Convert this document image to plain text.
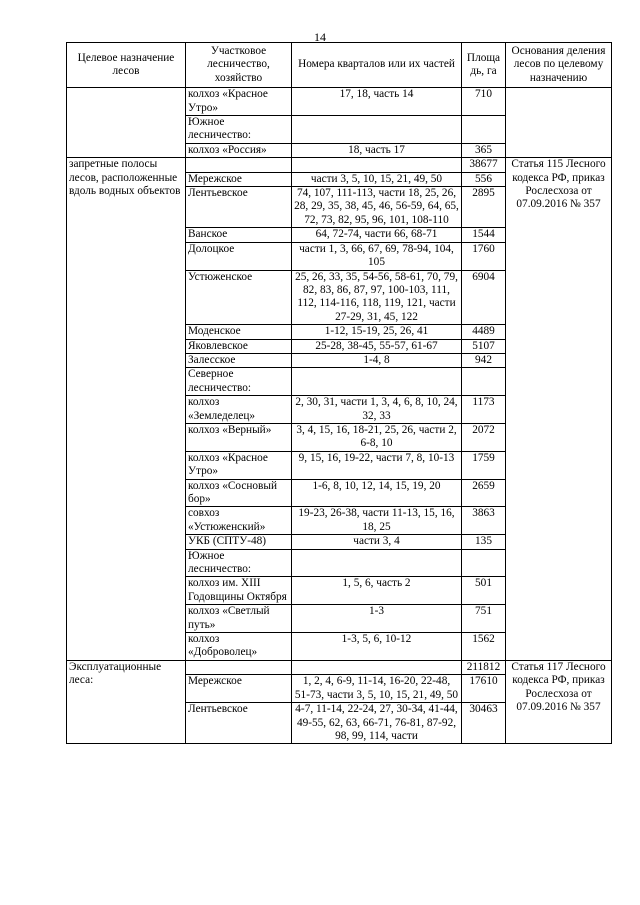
14
Целевое назначение лесов	Участковое лесничество, хозяйство	Номера кварталов или их частей	Площа дь, га	Основания деления лесов по целевому назначению
	колхоз «Красное Утро»	17, 18, часть 14	710	
	Южное лесничество:			
	колхоз «Россия»	18, часть 17	365	
запретные полосы лесов, расположенные вдоль водных объектов			38677	Статья 115 Лесного кодекса РФ, приказ Рослесхоза от 07.09.2016 № 357
	Мережское	части 3, 5, 10, 15, 21, 49, 50	556	
	Лентьевское	74, 107, 111-113, части 18, 25, 26, 28, 29, 35, 38, 45, 46, 56-59, 64, 65, 72, 73, 82, 95, 96, 101, 108-110	2895	
	Ванское	64, 72-74, части 66, 68-71	1544	
	Долоцкое	части 1, 3, 66, 67, 69, 78-94, 104, 105	1760	
	Устюженское	25, 26, 33, 35, 54-56, 58-61, 70, 79, 82, 83, 86, 87, 97, 100-103, 111, 112, 114-116, 118, 119, 121, части 27-29, 31, 45, 122	6904	
	Моденское	1-12, 15-19, 25, 26, 41	4489	
	Яковлевское	25-28, 38-45, 55-57, 61-67	5107	
	Залесское	1-4, 8	942	
	Северное лесничество:			
	колхоз «Земледелец»	2, 30, 31, части 1, 3, 4, 6, 8, 10, 24, 32, 33	1173	
	колхоз «Верный»	3, 4, 15, 16, 18-21, 25, 26, части 2, 6-8, 10	2072	
	колхоз «Красное Утро»	9, 15, 16, 19-22, части 7, 8, 10-13	1759	
	колхоз «Сосновый бор»	1-6, 8, 10, 12, 14, 15, 19, 20	2659	
	совхоз «Устюженский»	19-23, 26-38, части 11-13, 15, 16, 18, 25	3863	
	УКБ (СПТУ-48)	части 3, 4	135	
	Южное лесничество:			
	колхоз им. XIII Годовщины Октября	1, 5, 6, часть 2	501	
	колхоз «Светлый путь»	1-3	751	
	колхоз «Доброволец»	1-3, 5, 6, 10-12	1562	
Эксплуатационные леса:			211812	Статья 117 Лесного кодекса РФ, приказ Рослесхоза от 07.09.2016 № 357
	Мережское	1, 2, 4, 6-9, 11-14, 16-20, 22-48, 51-73, части 3, 5, 10, 15, 21, 49, 50	17610	
	Лентьевское	4-7, 11-14, 22-24, 27, 30-34, 41-44, 49-55, 62, 63, 66-71, 76-81, 87-92, 98, 99, 114, части	30463	
